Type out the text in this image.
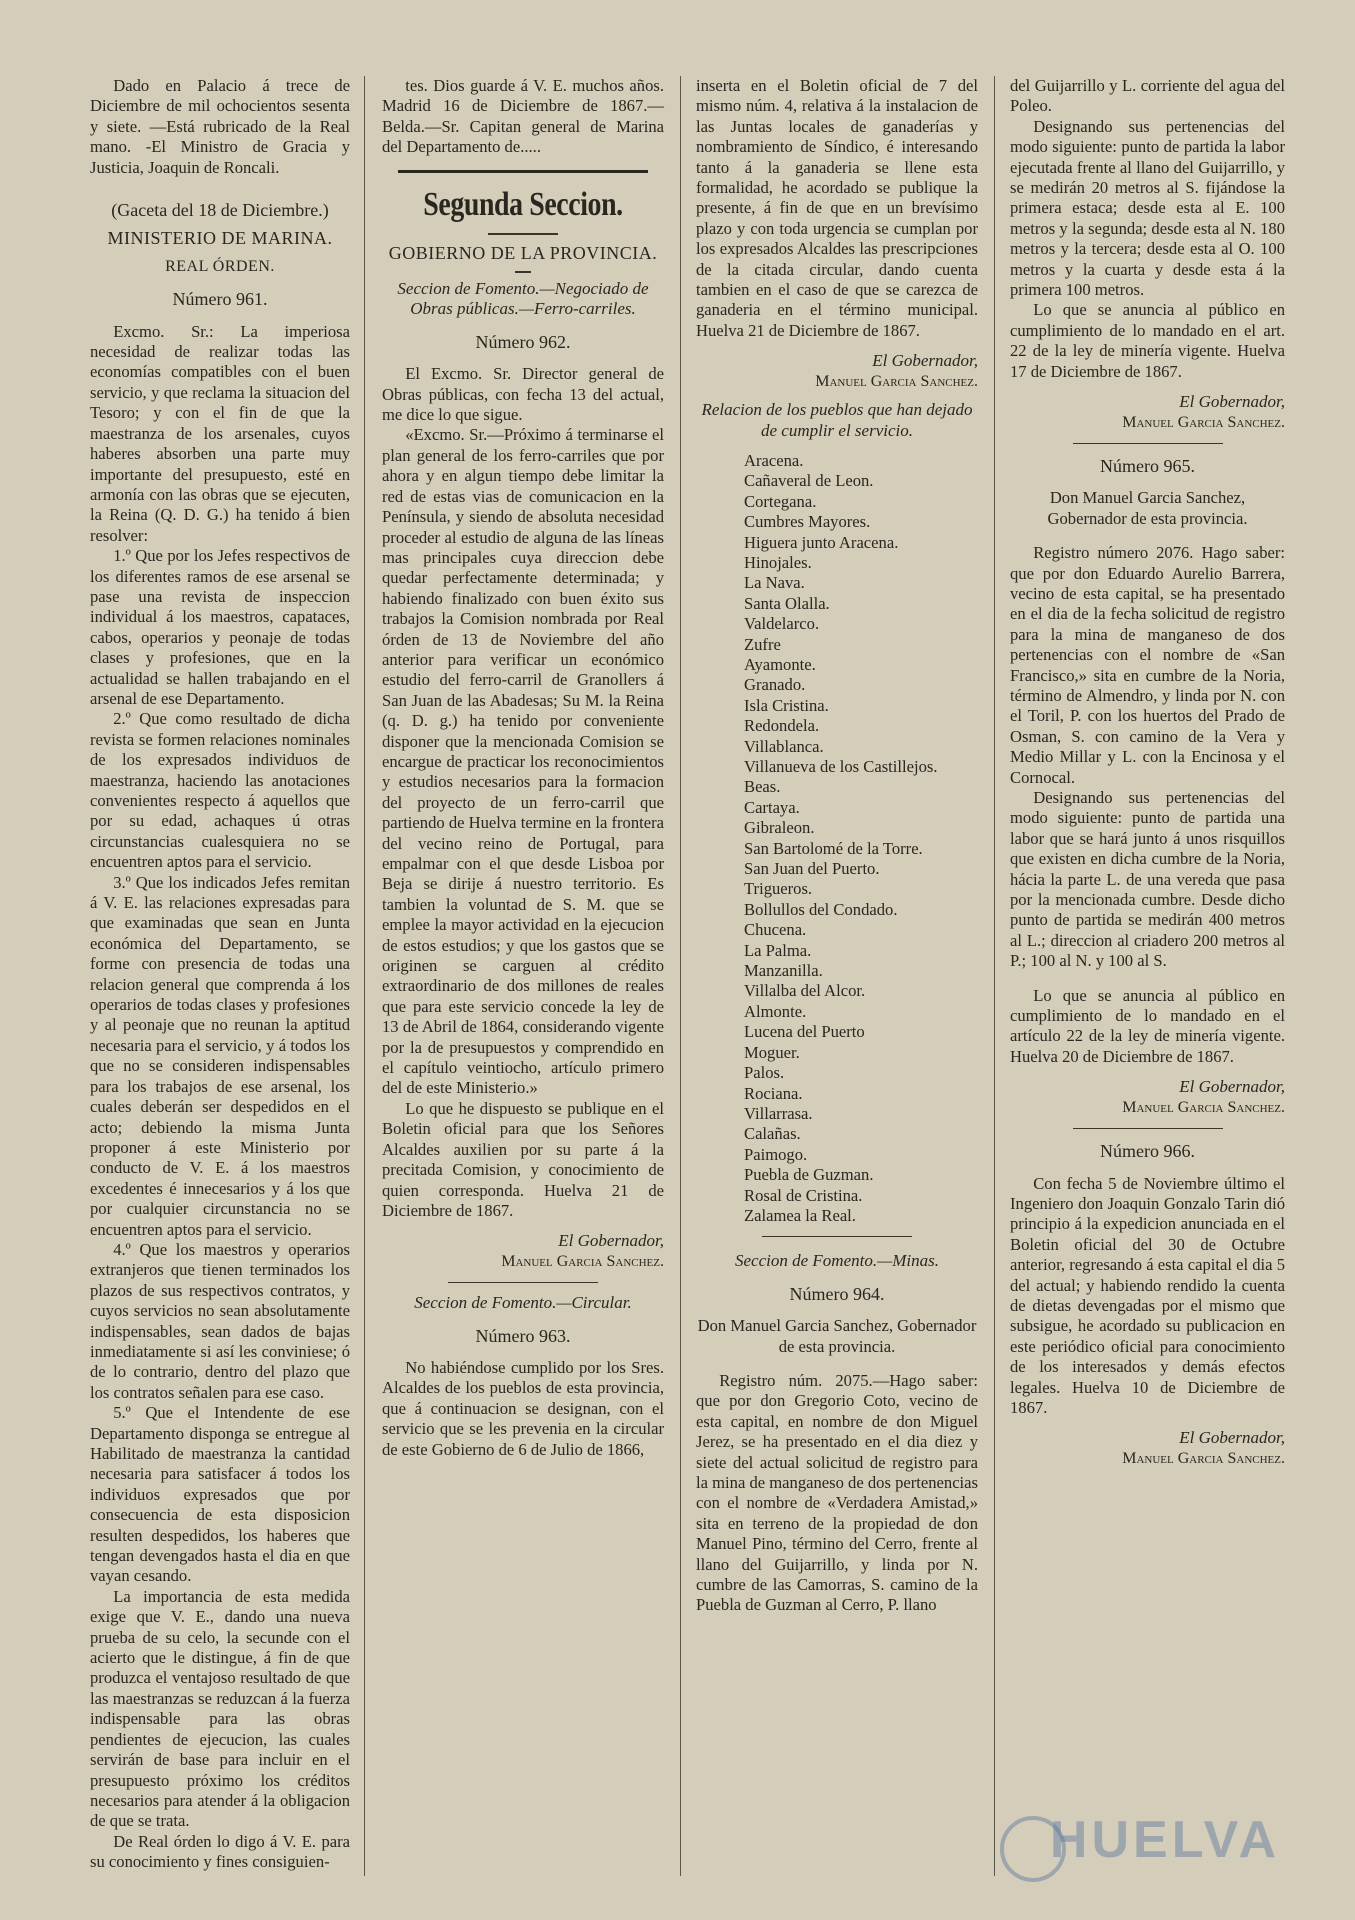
Dado en Palacio á trece de Diciembre de mil ochocientos sesenta y siete. —Está rubricado de la Real mano. -El Ministro de Gracia y Justicia, Joaquin de Roncali.

(Gaceta del 18 de Diciembre.)

MINISTERIO DE MARINA.

REAL ÓRDEN.

Número 961.

Excmo. Sr.: La imperiosa necesidad de realizar todas las economías compatibles con el buen servicio, y que reclama la situacion del Tesoro; y con el fin de que la maestranza de los arsenales, cuyos haberes absorben una parte muy importante del presupuesto, esté en armonía con las obras que se ejecuten, la Reina (Q. D. G.) ha tenido á bien resolver:

1.º Que por los Jefes respectivos de los diferentes ramos de ese arsenal se pase una revista de inspeccion individual á los maestros, capataces, cabos, operarios y peonaje de todas clases y profesiones, que en la actualidad se hallen trabajando en el arsenal de ese Departamento.

2.º Que como resultado de dicha revista se formen relaciones nominales de los expresados individuos de maestranza, haciendo las anotaciones convenientes respecto á aquellos que por su edad, achaques ú otras circunstancias cualesquiera no se encuentren aptos para el servicio.

3.º Que los indicados Jefes remitan á V. E. las relaciones expresadas para que examinadas que sean en Junta económica del Departamento, se forme con presencia de todas una relacion general que comprenda á los operarios de todas clases y profesiones y al peonaje que no reunan la aptitud necesaria para el servicio, y á todos los que no se consideren indispensables para los trabajos de ese arsenal, los cuales deberán ser despedidos en el acto; debiendo la misma Junta proponer á este Ministerio por conducto de V. E. á los maestros excedentes é innecesarios y á los que por cualquier circunstancia no se encuentren aptos para el servicio.

4.º Que los maestros y operarios extranjeros que tienen terminados los plazos de sus respectivos contratos, y cuyos servicios no sean absolutamente indispensables, sean dados de bajas inmediatamente si así les conviniese; ó de lo contrario, dentro del plazo que los contratos señalen para ese caso.

5.º Que el Intendente de ese Departamento disponga se entregue al Habilitado de maestranza la cantidad necesaria para satisfacer á todos los individuos expresados que por consecuencia de esta disposicion resulten despedidos, los haberes que tengan devengados hasta el dia en que vayan cesando.

La importancia de esta medida exige que V. E., dando una nueva prueba de su celo, la secunde con el acierto que le distingue, á fin de que produzca el ventajoso resultado de que las maestranzas se reduzcan á la fuerza indispensable para las obras pendientes de ejecucion, las cuales servirán de base para incluir en el presupuesto próximo los créditos necesarios para atender á la obligacion de que se trata.

De Real órden lo digo á V. E. para su conocimiento y fines consiguien-

tes. Dios guarde á V. E. muchos años. Madrid 16 de Diciembre de 1867.—Belda.—Sr. Capitan general de Marina del Departamento de.....

Segunda Seccion.

GOBIERNO DE LA PROVINCIA.

Seccion de Fomento.—Negociado de Obras públicas.—Ferro-carriles.

Número 962.

El Excmo. Sr. Director general de Obras públicas, con fecha 13 del actual, me dice lo que sigue.

«Excmo. Sr.—Próximo á terminarse el plan general de los ferro-carriles que por ahora y en algun tiempo debe limitar la red de estas vias de comunicacion en la Península, y siendo de absoluta necesidad proceder al estudio de alguna de las líneas mas principales cuya direccion debe quedar perfectamente determinada; y habiendo finalizado con buen éxito sus trabajos la Comision nombrada por Real órden de 13 de Noviembre del año anterior para verificar un económico estudio del ferro-carril de Granollers á San Juan de las Abadesas; Su M. la Reina (q. D. g.) ha tenido por conveniente disponer que la mencionada Comision se encargue de practicar los reconocimientos y estudios necesarios para la formacion del proyecto de un ferro-carril que partiendo de Huelva termine en la frontera del vecino reino de Portugal, para empalmar con el que desde Lisboa por Beja se dirije á nuestro territorio. Es tambien la voluntad de S. M. que se emplee la mayor actividad en la ejecucion de estos estudios; y que los gastos que se originen se carguen al crédito extraordinario de dos millones de reales que para este servicio concede la ley de 13 de Abril de 1864, considerando vigente por la de presupuestos y comprendido en el capítulo veintiocho, artículo primero del de este Ministerio.»

Lo que he dispuesto se publique en el Boletin oficial para que los Señores Alcaldes auxilien por su parte á la precitada Comision, y conocimiento de quien corresponda. Huelva 21 de Diciembre de 1867.

El Gobernador,

Manuel Garcia Sanchez.

Seccion de Fomento.—Circular.

Número 963.

No habiéndose cumplido por los Sres. Alcaldes de los pueblos de esta provincia, que á continuacion se designan, con el servicio que se les prevenia en la circular de este Gobierno de 6 de Julio de 1866,

inserta en el Boletin oficial de 7 del mismo núm. 4, relativa á la instalacion de las Juntas locales de ganaderías y nombramiento de Síndico, é interesando tanto á la ganaderia se llene esta formalidad, he acordado se publique la presente, á fin de que en un brevísimo plazo y con toda urgencia se cumplan por los expresados Alcaldes las prescripciones de la citada circular, dando cuenta tambien en el caso de que se carezca de ganaderia en el término municipal. Huelva 21 de Diciembre de 1867.

El Gobernador,

Manuel Garcia Sanchez.

Relacion de los pueblos que han dejado de cumplir el servicio.

Aracena.
Cañaveral de Leon.
Cortegana.
Cumbres Mayores.
Higuera junto Aracena.
Hinojales.
La Nava.
Santa Olalla.
Valdelarco.
Zufre
Ayamonte.
Granado.
Isla Cristina.
Redondela.
Villablanca.
Villanueva de los Castillejos.
Beas.
Cartaya.
Gibraleon.
San Bartolomé de la Torre.
San Juan del Puerto.
Trigueros.
Bollullos del Condado.
Chucena.
La Palma.
Manzanilla.
Villalba del Alcor.
Almonte.
Lucena del Puerto
Moguer.
Palos.
Rociana.
Villarrasa.
Calañas.
Paimogo.
Puebla de Guzman.
Rosal de Cristina.
Zalamea la Real.

Seccion de Fomento.—Minas.

Número 964.

Don Manuel Garcia Sanchez, Gobernador de esta provincia.

Registro núm. 2075.—Hago saber: que por don Gregorio Coto, vecino de esta capital, en nombre de don Miguel Jerez, se ha presentado en el dia diez y siete del actual solicitud de registro para la mina de manganeso de dos pertenencias con el nombre de «Verdadera Amistad,» sita en terreno de la propiedad de don Manuel Pino, término del Cerro, frente al llano del Guijarrillo, y linda por N. cumbre de las Camorras, S. camino de la Puebla de Guzman al Cerro, P. llano

del Guijarrillo y L. corriente del agua del Poleo.

Designando sus pertenencias del modo siguiente: punto de partida la labor ejecutada frente al llano del Guijarrillo, y se medirán 20 metros al S. fijándose la primera estaca; desde esta al E. 100 metros y la segunda; desde esta al N. 180 metros y la tercera; desde esta al O. 100 metros y la cuarta y desde esta á la primera 100 metros.

Lo que se anuncia al público en cumplimiento de lo mandado en el art. 22 de la ley de minería vigente. Huelva 17 de Diciembre de 1867.

El Gobernador,

Manuel Garcia Sanchez.

Número 965.

Don Manuel Garcia Sanchez, Gobernador de esta provincia.

Registro número 2076. Hago saber: que por don Eduardo Aurelio Barrera, vecino de esta capital, se ha presentado en el dia de la fecha solicitud de registro para la mina de manganeso de dos pertenencias con el nombre de «San Francisco,» sita en cumbre de la Noria, término de Almendro, y linda por N. con el Toril, P. con los huertos del Prado de Osman, S. con camino de la Vera y Medio Millar y L. con la Encinosa y el Cornocal.

Designando sus pertenencias del modo siguiente: punto de partida una labor que se hará junto á unos risquillos que existen en dicha cumbre de la Noria, hácia la parte L. de una vereda que pasa por la mencionada cumbre. Desde dicho punto de partida se medirán 400 metros al L.; direccion al criadero 200 metros al P.; 100 al N. y 100 al S.

Lo que se anuncia al público en cumplimiento de lo mandado en el artículo 22 de la ley de minería vigente. Huelva 20 de Diciembre de 1867.

El Gobernador,

Manuel Garcia Sanchez.

Número 966.

Con fecha 5 de Noviembre último el Ingeniero don Joaquin Gonzalo Tarin dió principio á la expedicion anunciada en el Boletin oficial del 30 de Octubre anterior, regresando á esta capital el dia 5 del actual; y habiendo rendido la cuenta de dietas devengadas por el mismo que subsigue, he acordado su publicacion en este periódico oficial para conocimiento de los interesados y demás efectos legales. Huelva 10 de Diciembre de 1867.

El Gobernador,

Manuel Garcia Sanchez.

HUELVA
